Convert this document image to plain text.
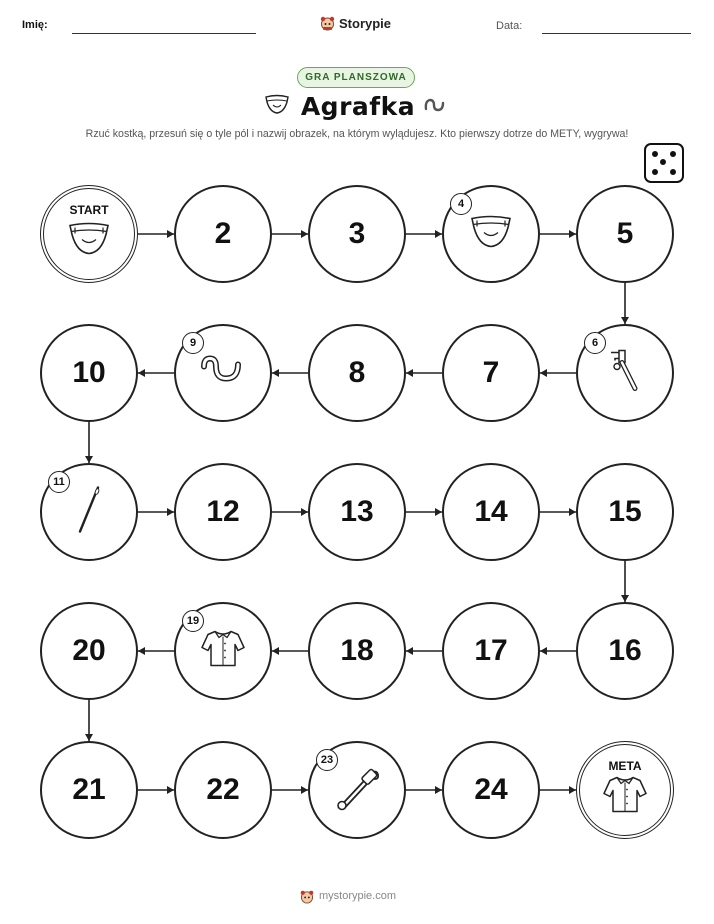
Imię:	Storypie	Data:
GRA PLANSZOWA
Agrafka
Rzuć kostką, przesuń się o tyle pól i nazwij obrazek, na którym wylądujesz. Kto pierwszy dotrze do METY, wygrywa!
START
2	3
4
5
6
7
8
9
10
11
12	13	14	15
16
17
18
19
20
21	22
23
24
META
mystorypie.com
